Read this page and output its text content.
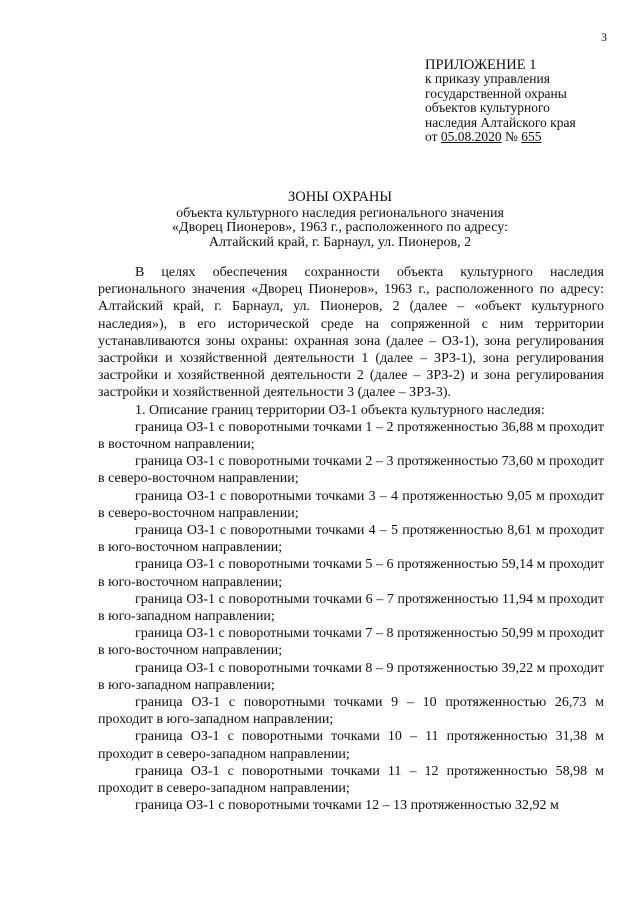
3
ПРИЛОЖЕНИЕ 1
к приказу управления
государственной охраны
объектов культурного
наследия Алтайского края
от 05.08.2020 № 655
ЗОНЫ ОХРАНЫ
объекта культурного наследия регионального значения
«Дворец Пионеров», 1963 г., расположенного по адресу:
Алтайский край, г. Барнаул, ул. Пионеров, 2

В целях обеспечения сохранности объекта культурного наследия регионального значения «Дворец Пионеров», 1963 г., расположенного по адресу: Алтайский край, г. Барнаул, ул. Пионеров, 2 (далее – «объект культурного наследия»), в его исторической среде на сопряженной с ним территории устанавливаются зоны охраны: охранная зона (далее – ОЗ-1), зона регулирования застройки и хозяйственной деятельности 1 (далее – ЗРЗ-1), зона регулирования застройки и хозяйственной деятельности 2 (далее – ЗРЗ-2) и зона регулирования застройки и хозяйственной деятельности 3 (далее – ЗРЗ-3).

1. Описание границ территории ОЗ-1 объекта культурного наследия:

граница ОЗ-1 с поворотными точками 1 – 2 протяженностью 36,88 м проходит в восточном направлении;

граница ОЗ-1 с поворотными точками 2 – 3 протяженностью 73,60 м проходит в северо-восточном направлении;

граница ОЗ-1 с поворотными точками 3 – 4 протяженностью 9,05 м проходит в северо-восточном направлении;

граница ОЗ-1 с поворотными точками 4 – 5 протяженностью 8,61 м проходит в юго-восточном направлении;

граница ОЗ-1 с поворотными точками 5 – 6 протяженностью 59,14 м проходит в юго-восточном направлении;

граница ОЗ-1 с поворотными точками 6 – 7 протяженностью 11,94 м проходит в юго-западном направлении;

граница ОЗ-1 с поворотными точками 7 – 8 протяженностью 50,99 м проходит в юго-восточном направлении;

граница ОЗ-1 с поворотными точками 8 – 9 протяженностью 39,22 м проходит в юго-западном направлении;

граница ОЗ-1 с поворотными точками 9 – 10 протяженностью 26,73 м проходит в юго-западном направлении;

граница ОЗ-1 с поворотными точками 10 – 11 протяженностью 31,38 м проходит в северо-западном направлении;

граница ОЗ-1 с поворотными точками 11 – 12 протяженностью 58,98 м проходит в северо-западном направлении;

граница ОЗ-1 с поворотными точками 12 – 13 протяженностью 32,92 м
